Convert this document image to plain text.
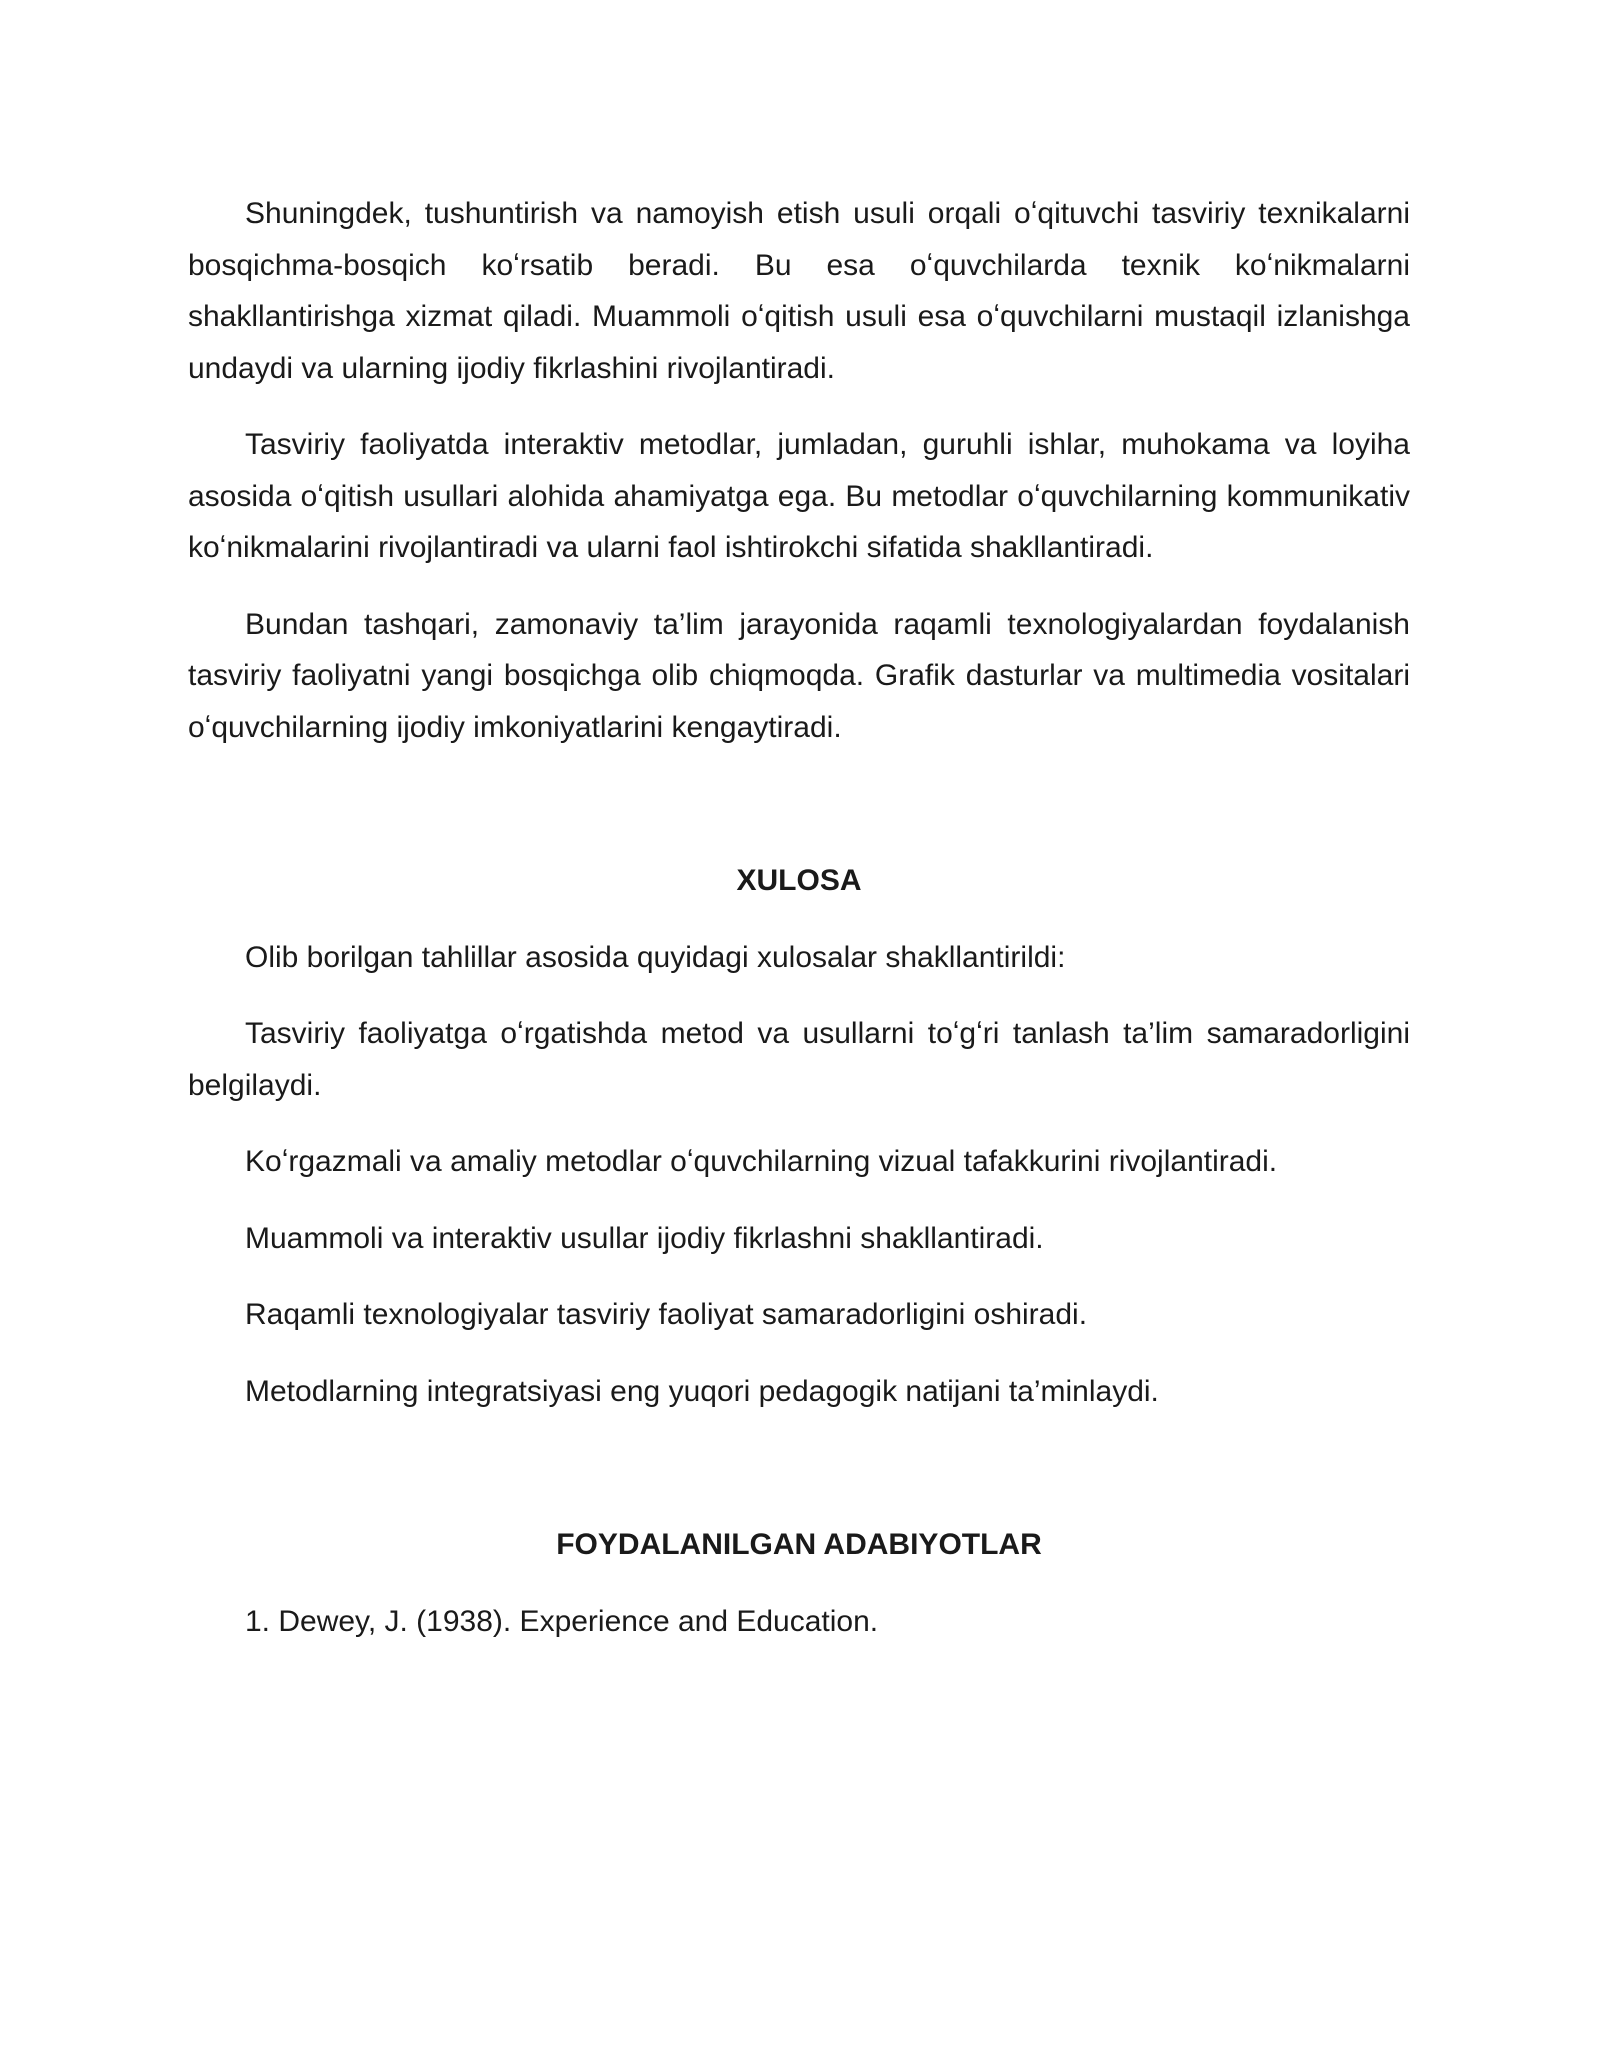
Shuningdek, tushuntirish va namoyish etish usuli orqali oʻqituvchi tasviriy texnikalarni bosqichma-bosqich koʻrsatib beradi. Bu esa oʻquvchilarda texnik koʻnikmalarni shakllantirishga xizmat qiladi. Muammoli oʻqitish usuli esa oʻquvchilarni mustaqil izlanishga undaydi va ularning ijodiy fikrlashini rivojlantiradi.

Tasviriy faoliyatda interaktiv metodlar, jumladan, guruhli ishlar, muhokama va loyiha asosida oʻqitish usullari alohida ahamiyatga ega. Bu metodlar oʻquvchilarning kommunikativ koʻnikmalarini rivojlantiradi va ularni faol ishtirokchi sifatida shakllantiradi.

Bundan tashqari, zamonaviy ta’lim jarayonida raqamli texnologiyalardan foydalanish tasviriy faoliyatni yangi bosqichga olib chiqmoqda. Grafik dasturlar va multimedia vositalari oʻquvchilarning ijodiy imkoniyatlarini kengaytiradi.

XULOSA

Olib borilgan tahlillar asosida quyidagi xulosalar shakllantirildi:

Tasviriy faoliyatga oʻrgatishda metod va usullarni toʻgʻri tanlash ta’lim samaradorligini belgilaydi.

Koʻrgazmali va amaliy metodlar oʻquvchilarning vizual tafakkurini rivojlantiradi.

Muammoli va interaktiv usullar ijodiy fikrlashni shakllantiradi.

Raqamli texnologiyalar tasviriy faoliyat samaradorligini oshiradi.

Metodlarning integratsiyasi eng yuqori pedagogik natijani ta’minlaydi.

FOYDALANILGAN ADABIYOTLAR

1. Dewey, J. (1938). Experience and Education.
